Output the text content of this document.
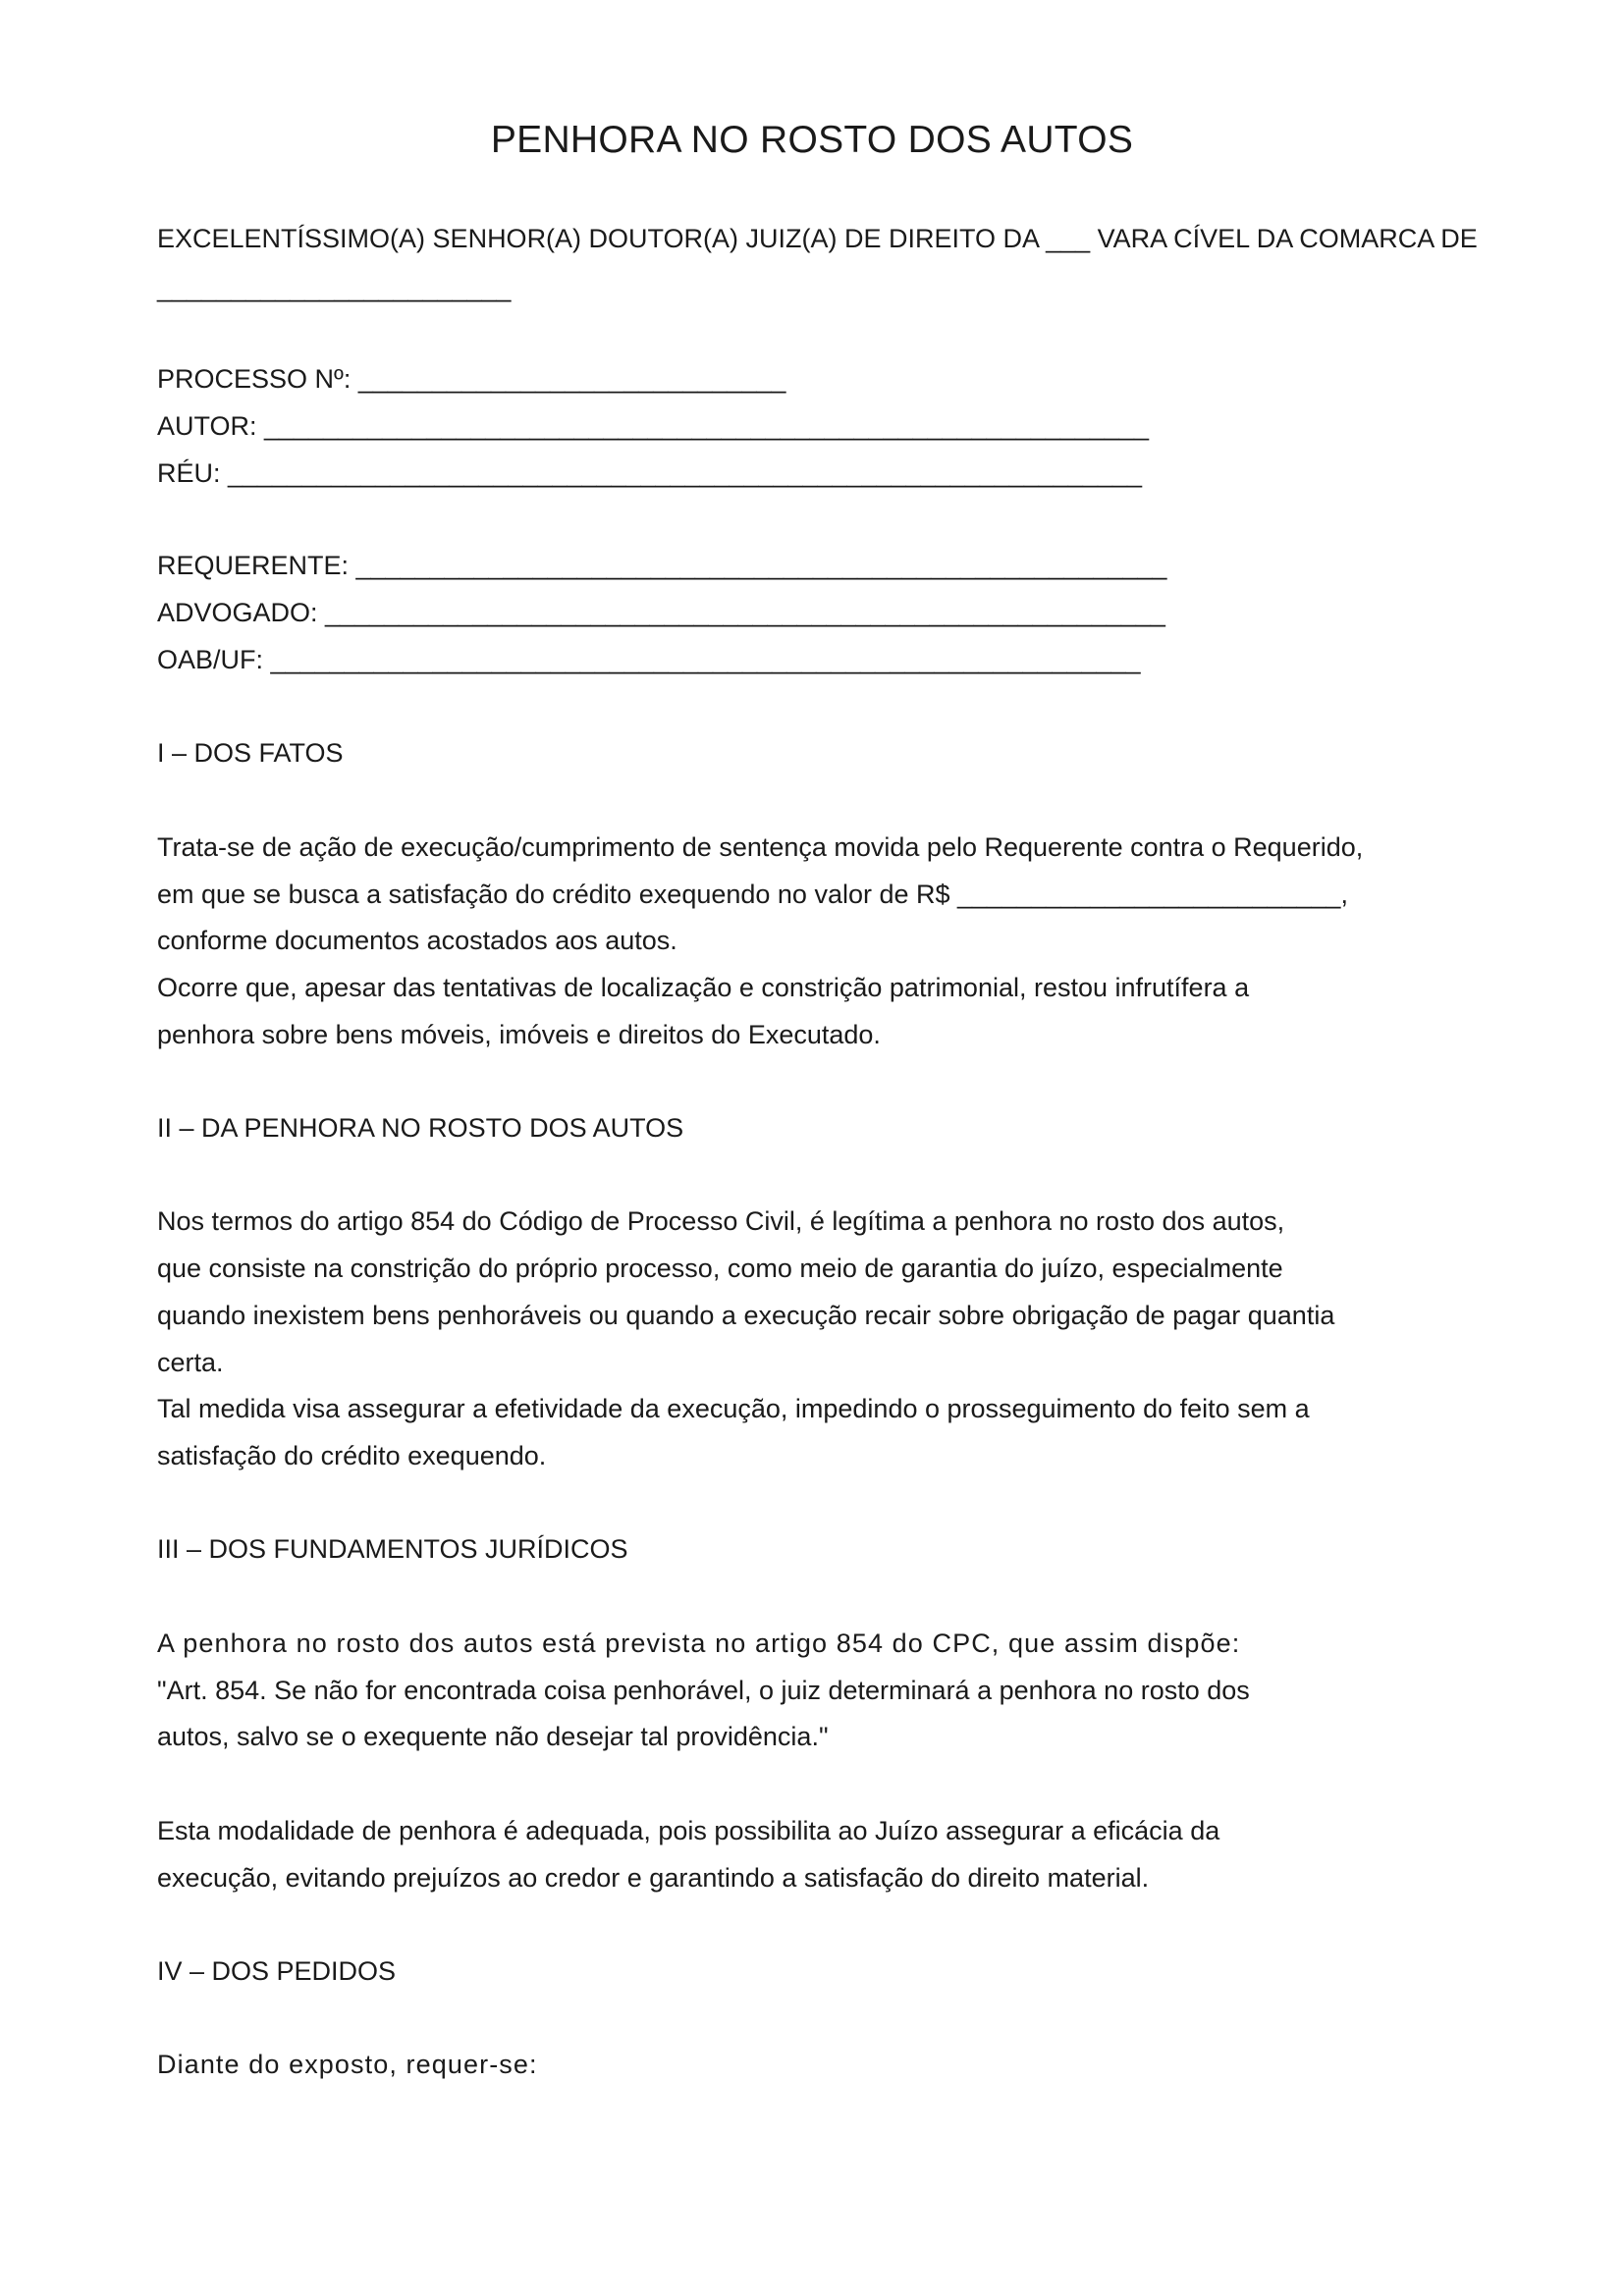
PENHORA NO ROSTO DOS AUTOS
EXCELENTÍSSIMO(A) SENHOR(A) DOUTOR(A) JUIZ(A) DE DIREITO DA ___ VARA CÍVEL DA COMARCA DE
________________________
PROCESSO Nº: _____________________________
AUTOR: ____________________________________________________________
RÉU: ______________________________________________________________
REQUERENTE: _______________________________________________________
ADVOGADO: _________________________________________________________
OAB/UF: ___________________________________________________________
I – DOS FATOS
Trata-se de ação de execução/cumprimento de sentença movida pelo Requerente contra o Requerido,
em que se busca a satisfação do crédito exequendo no valor de R$ __________________________,
conforme documentos acostados aos autos.
Ocorre que, apesar das tentativas de localização e constrição patrimonial, restou infrutífera a
penhora sobre bens móveis, imóveis e direitos do Executado.
II – DA PENHORA NO ROSTO DOS AUTOS
Nos termos do artigo 854 do Código de Processo Civil, é legítima a penhora no rosto dos autos,
que consiste na constrição do próprio processo, como meio de garantia do juízo, especialmente
quando inexistem bens penhoráveis ou quando a execução recair sobre obrigação de pagar quantia
certa.
Tal medida visa assegurar a efetividade da execução, impedindo o prosseguimento do feito sem a
satisfação do crédito exequendo.
III – DOS FUNDAMENTOS JURÍDICOS
A penhora no rosto dos autos está prevista no artigo 854 do CPC, que assim dispõe:
"Art. 854. Se não for encontrada coisa penhorável, o juiz determinará a penhora no rosto dos
autos, salvo se o exequente não desejar tal providência."
Esta modalidade de penhora é adequada, pois possibilita ao Juízo assegurar a eficácia da
execução, evitando prejuízos ao credor e garantindo a satisfação do direito material.
IV – DOS PEDIDOS
Diante do exposto, requer-se:
